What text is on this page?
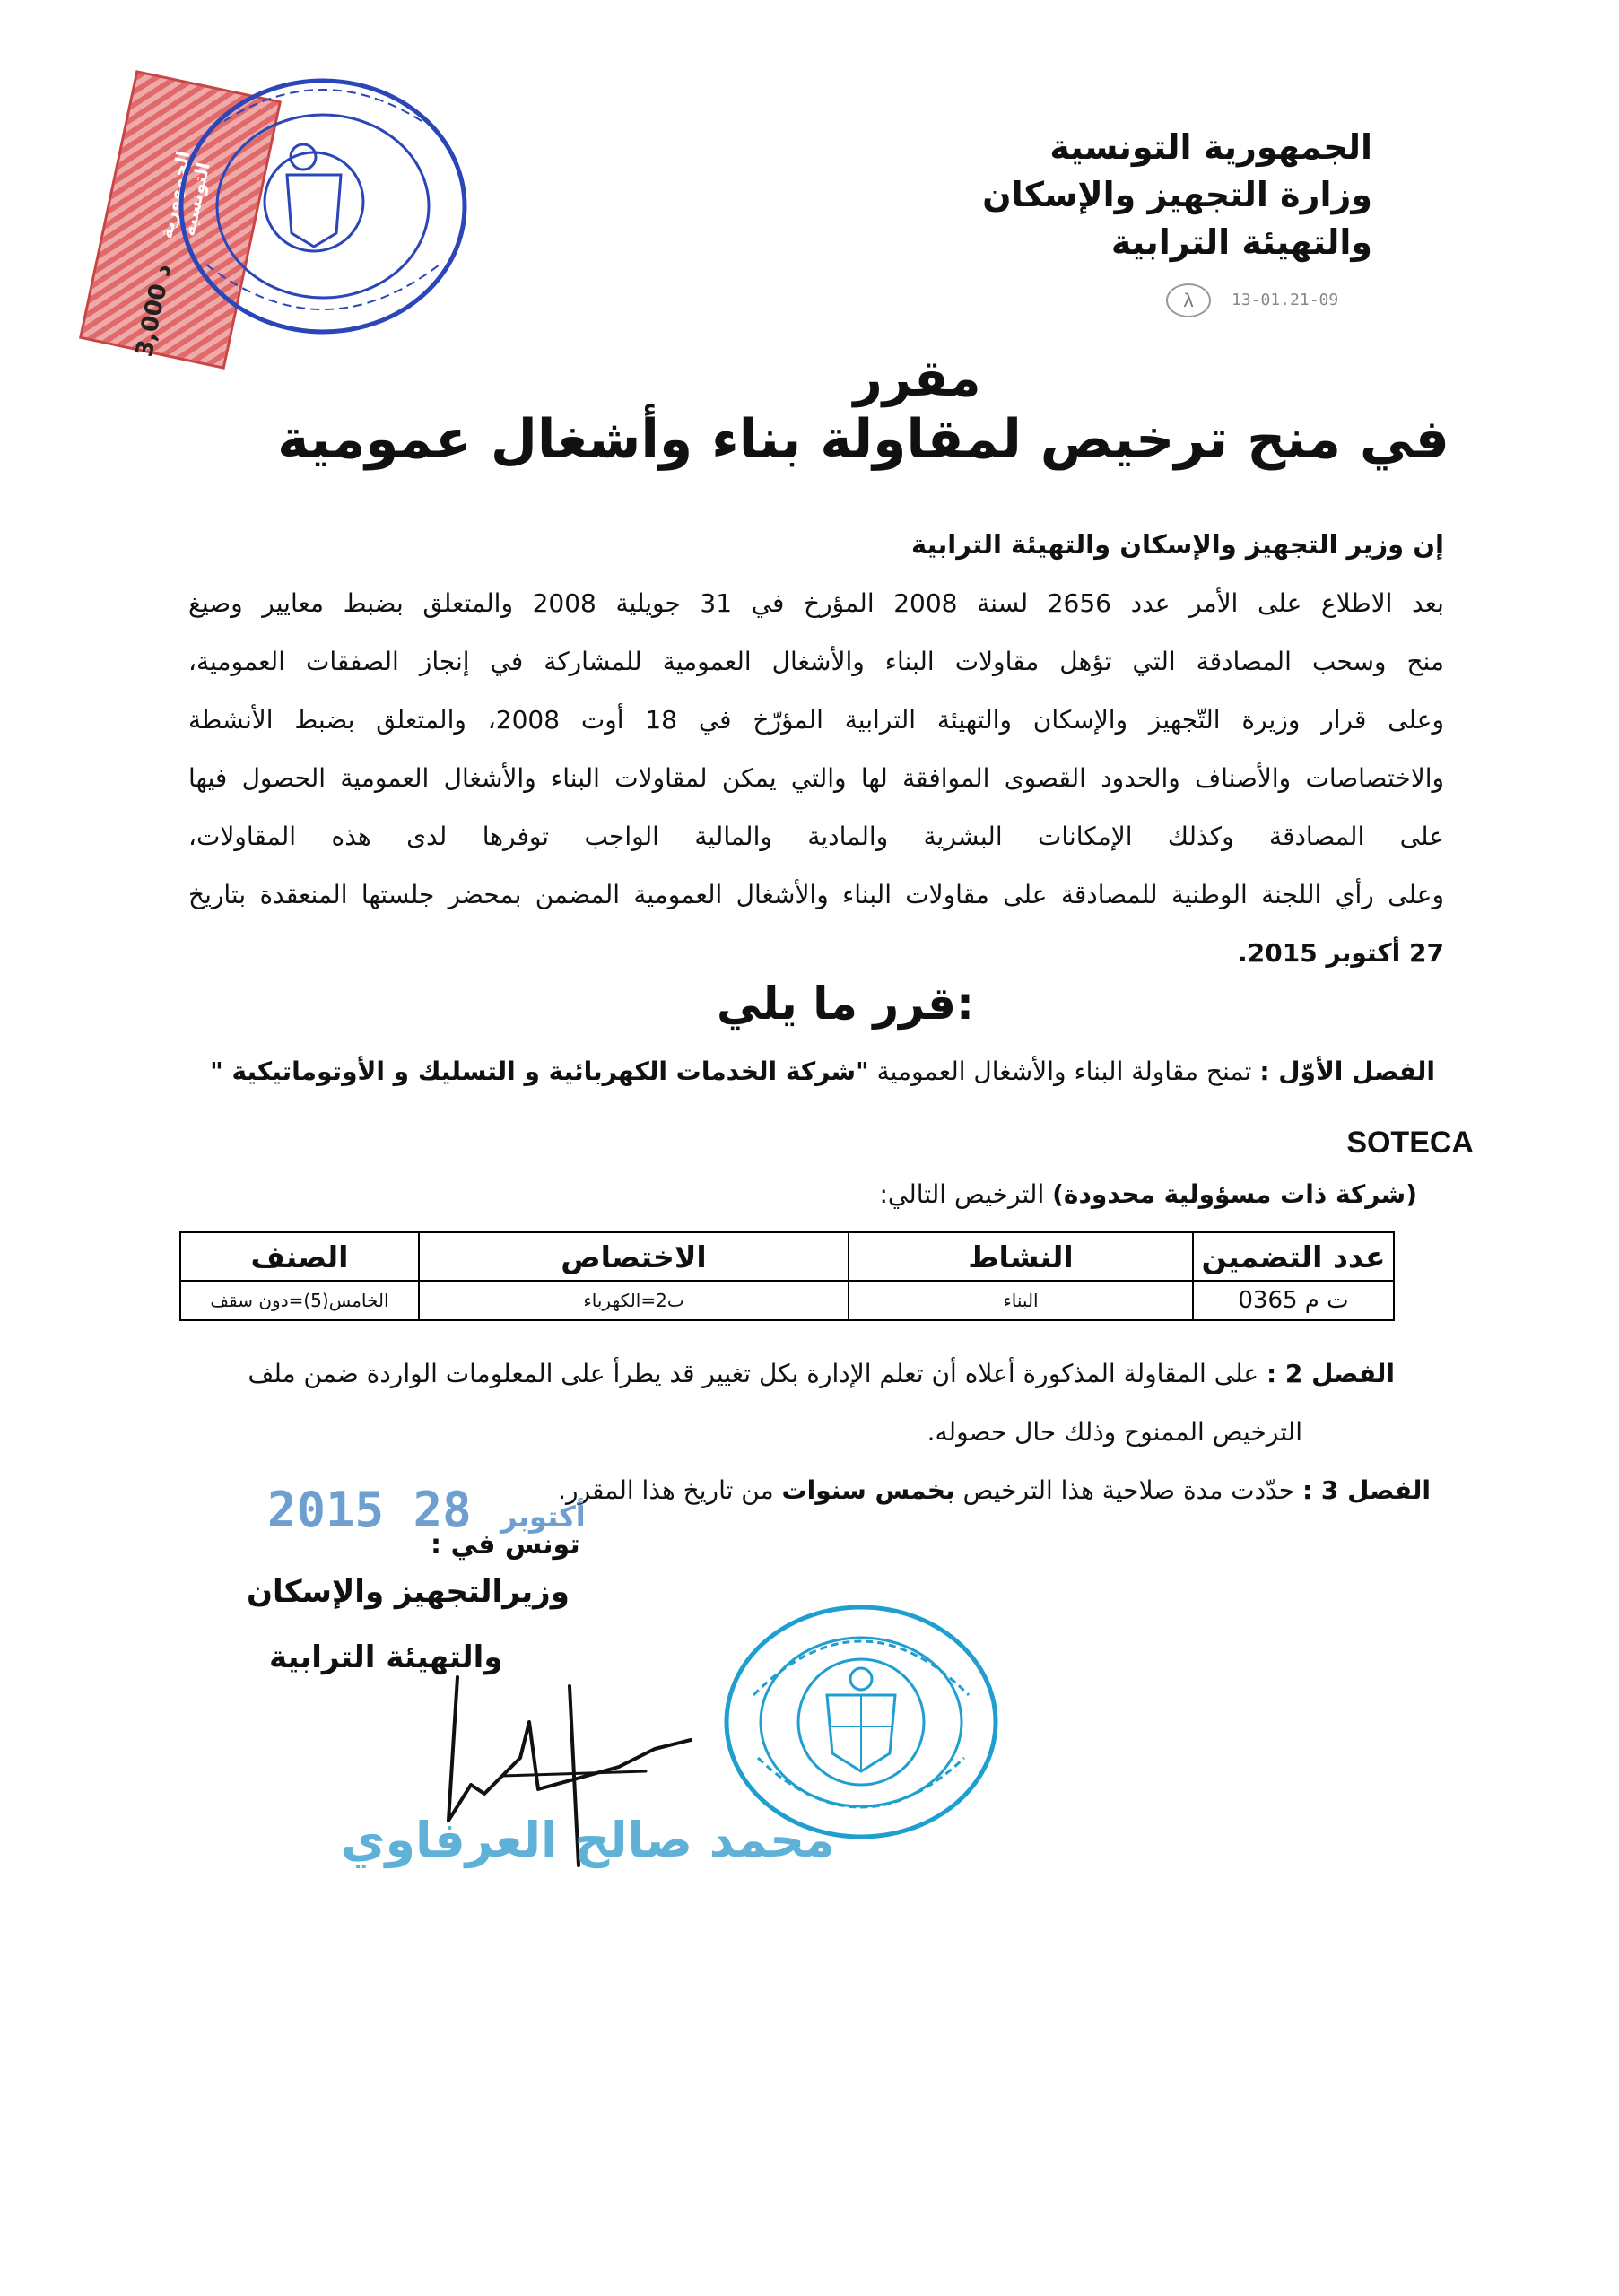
الجمهورية التونسية
3,000 د
الجمهورية التونسية
وزارة التجهيز والإسكان
والتهيئة الترابية
λ	13-01.21-09
مقرر
في منح ترخيص لمقاولة بناء وأشغال عمومية
إن وزير التجهيز والإسكان والتهيئة الترابية
بعد الاطلاع على الأمر عدد 2656 لسنة 2008 المؤرخ في 31 جويلية 2008 والمتعلق بضبط معايير وصيغ
منح وسحب المصادقة التي تؤهل مقاولات البناء والأشغال العمومية للمشاركة في إنجاز الصفقات العمومية،
وعلى قرار وزيرة التّجهيز والإسكان والتهيئة الترابية المؤرّخ في 18 أوت 2008، والمتعلق بضبط الأنشطة
والاختصاصات والأصناف والحدود القصوى الموافقة لها والتي يمكن لمقاولات البناء والأشغال العمومية الحصول فيها
على المصادقة وكذلك الإمكانات البشرية والمادية والمالية الواجب توفرها لدى هذه المقاولات،
وعلى رأي اللجنة الوطنية للمصادقة على مقاولات البناء والأشغال العمومية المضمن بمحضر جلستها المنعقدة بتاريخ
27 أكتوبر 2015.
قرر ما يلي:
الفصل الأوّل : تمنح مقاولة البناء والأشغال العمومية "شركة الخدمات الكهربائية و التسليك و الأوتوماتيكية "
SOTECA
(شركة ذات مسؤولية محدودة) الترخيص التالي:
عدد التضمين	النشاط	الاختصاص	الصنف
ت م 0365	البناء	ب2=الكهرباء	الخامس(5)=دون سقف
الفصل 2 : على المقاولة المذكورة أعلاه أن تعلم الإدارة بكل تغيير قد يطرأ على المعلومات الواردة ضمن ملف
الترخيص الممنوح وذلك حال حصوله.
الفصل 3 : حدّدت مدة صلاحية هذا الترخيص بخمس سنوات من تاريخ هذا المقرر.
2015	أكتوبر 28
تونس في :
وزيرالتجهيز والإسكان
والتهيئة الترابية
محمد صالح العرفاوي
